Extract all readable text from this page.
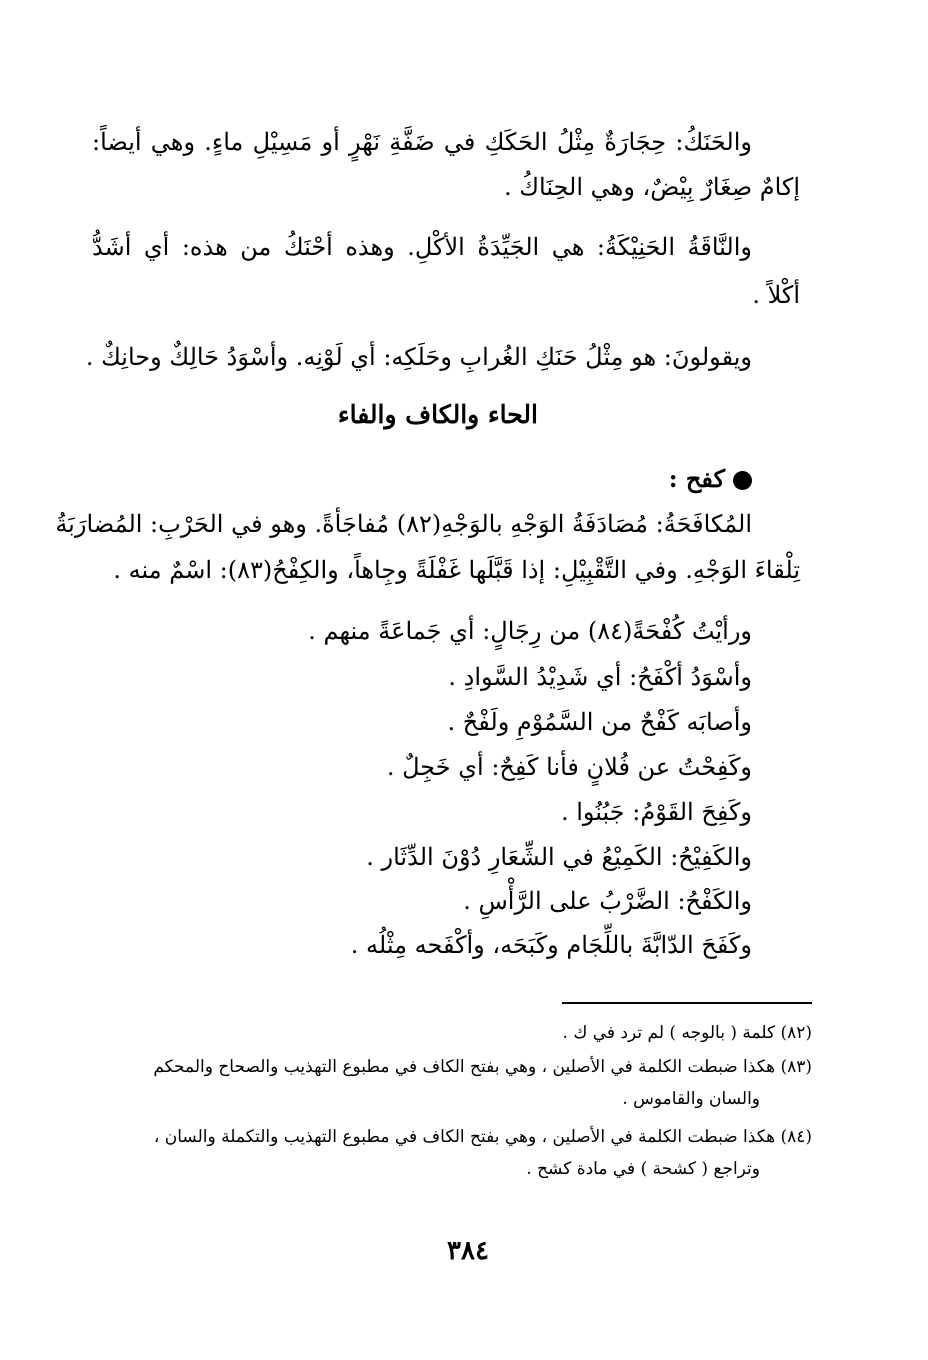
والحَنَكُ: حِجَارَةٌ مِثْلُ الحَكَكِ في ضَفَّةِ نَهْرٍ أو مَسِيْلِ ماءٍ. وهي أيضاً:
إكامٌ صِغَارٌ بِيْضٌ، وهي الحِنَاكُ .
والنَّاقَةُ الحَنِيْكَةُ: هي الجَيِّدَةُ الأكْلِ. وهذه أحْنَكُ من هذه: أي أشَدُّ
أكْلاً .
ويقولونَ: هو مِثْلُ حَنَكِ الغُرابِ وحَلَكِه: أي لَوْنِه. وأسْوَدُ حَالِكٌ وحانِكٌ .
الحاء والكاف والفاء
كفح :
المُكافَحَةُ: مُصَادَفَةُ الوَجْهِ بالوَجْهِ(٨٢) مُفاجَأةً. وهو في الحَرْبِ: المُضارَبَةُ
تِلْقاءَ الوَجْهِ. وفي التَّقْبِيْلِ: إذا قَبَّلَها غَفْلَةً وجِاهاً، والكِفْحُ(٨٣): اسْمٌ منه .
ورأيْتُ كُفْحَةً(٨٤) من رِجَالٍ: أي جَماعَةً منهم .
وأسْوَدُ أكْفَحُ: أي شَدِيْدُ السَّوادِ .
وأصابَه كَفْحٌ من السَّمُوْمِ ولَفْحٌ .
وكَفِحْتُ عن فُلانٍ فأنا كَفِحٌ: أي خَجِلٌ .
وكَفِحَ القَوْمُ: جَبُنُوا .
والكَفِيْحُ: الكَمِيْعُ في الشِّعَارِ دُوْنَ الدِّثَار .
والكَفْحُ: الضَّرْبُ على الرَّأْسِ .
وكَفَحَ الدّابَّةَ باللِّجَام وكَبَحَه، وأكْفَحه مِثْلُه .
(٨٢) كلمة ( بالوجه ) لم ترد في ك .
(٨٣) هكذا ضبطت الكلمة في الأصلين ، وهي بفتح الكاف في مطبوع التهذيب والصحاح والمحكم
والسان والقاموس .
(٨٤) هكذا ضبطت الكلمة في الأصلين ، وهي بفتح الكاف في مطبوع التهذيب والتكملة والسان ،
وتراجع ( كشحة ) في مادة كشح .
٣٨٤
